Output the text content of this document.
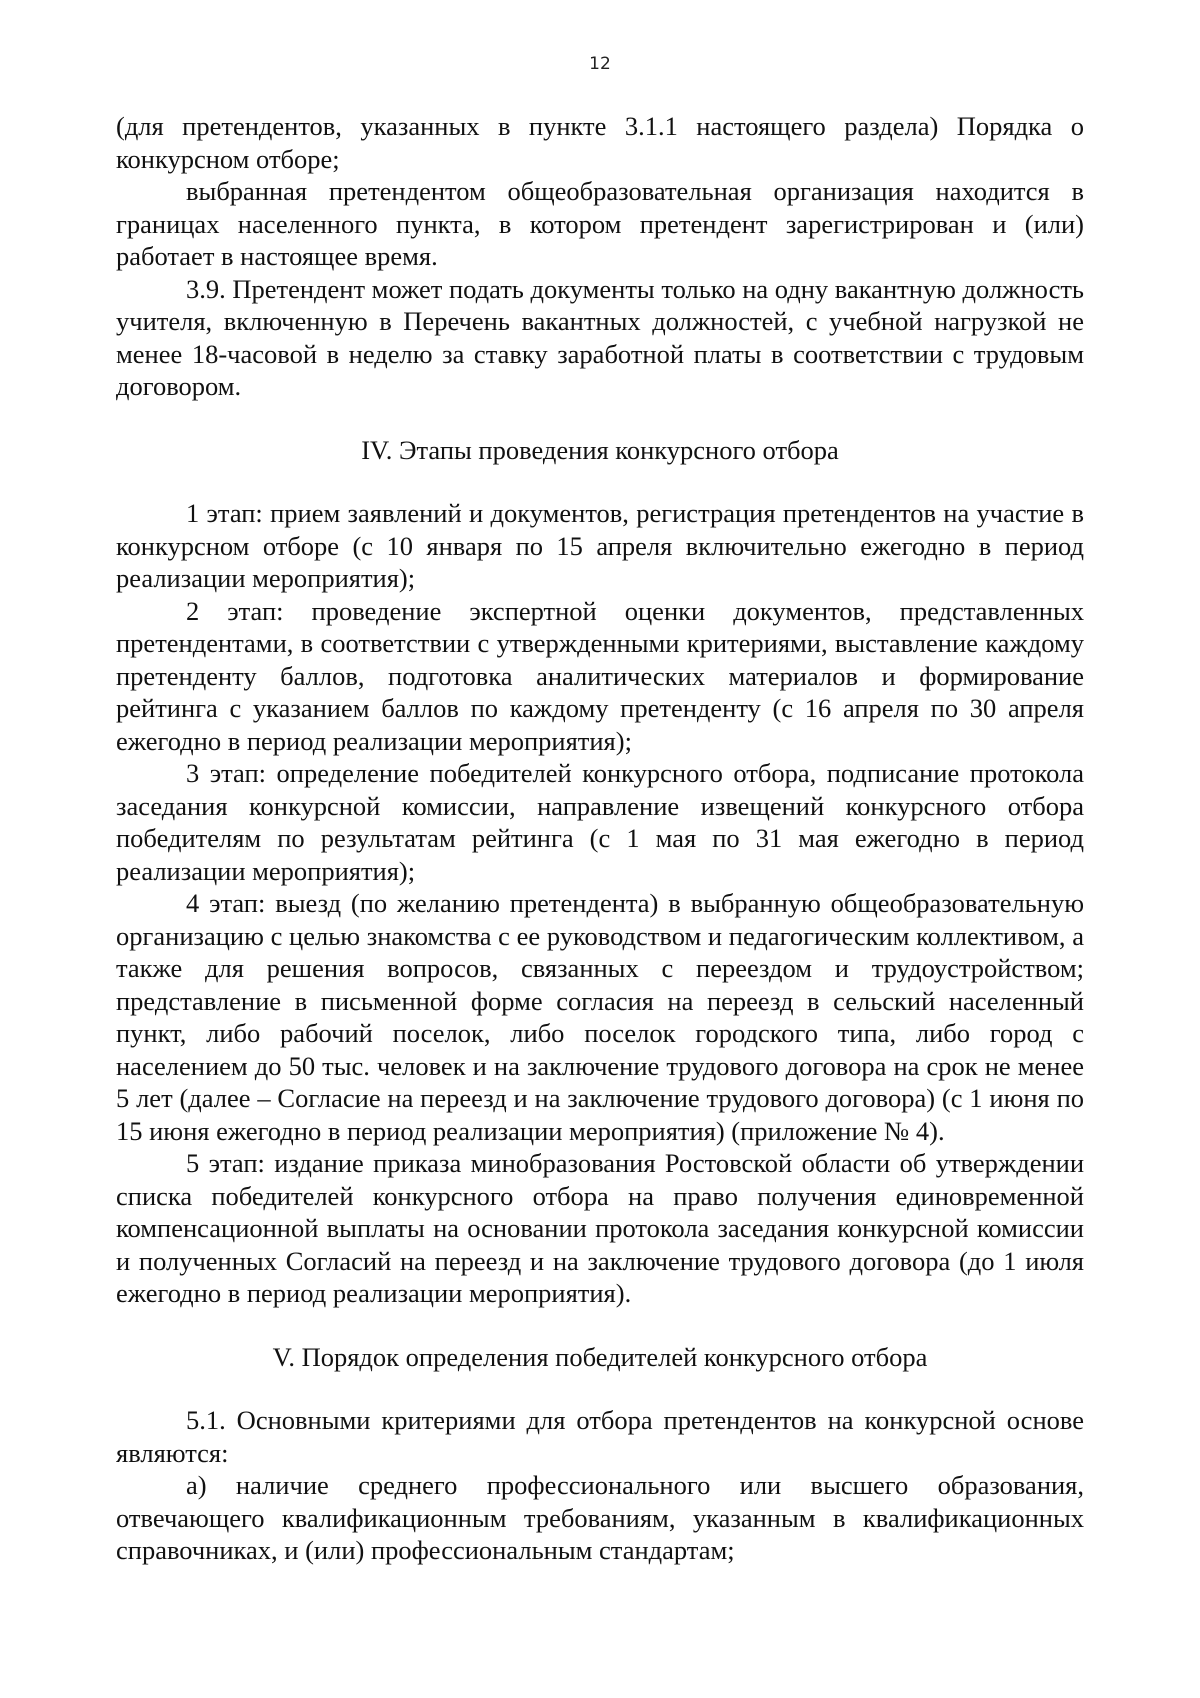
12

(для претендентов, указанных в пункте 3.1.1 настоящего раздела) Порядка о конкурсном отборе;

выбранная претендентом общеобразовательная организация находится в границах населенного пункта, в котором претендент зарегистрирован и (или) работает в настоящее время.

3.9. Претендент может подать документы только на одну вакантную должность учителя, включенную в Перечень вакантных должностей, с учебной нагрузкой не менее 18-часовой в неделю за ставку заработной платы в соответствии с трудовым договором.

IV. Этапы проведения конкурсного отбора

1 этап: прием заявлений и документов, регистрация претендентов на участие в конкурсном отборе (с 10 января по 15 апреля включительно ежегодно в период реализации мероприятия);

2 этап: проведение экспертной оценки документов, представленных претендентами, в соответствии с утвержденными критериями, выставление каждому претенденту баллов, подготовка аналитических материалов и формирование рейтинга с указанием баллов по каждому претенденту (с 16 апреля по 30 апреля ежегодно в период реализации мероприятия);

3 этап: определение победителей конкурсного отбора, подписание протокола заседания конкурсной комиссии, направление извещений конкурсного отбора победителям по результатам рейтинга (с 1 мая по 31 мая ежегодно в период реализации мероприятия);

4 этап: выезд (по желанию претендента) в выбранную общеобразовательную организацию с целью знакомства с ее руководством и педагогическим коллективом, а также для решения вопросов, связанных с переездом и трудоустройством; представление в письменной форме согласия на переезд в сельский населенный пункт, либо рабочий поселок, либо поселок городского типа, либо город с населением до 50 тыс. человек и на заключение трудового договора на срок не менее 5 лет (далее – Согласие на переезд и на заключение трудового договора) (с 1 июня по 15 июня ежегодно в период реализации мероприятия) (приложение № 4).

5 этап: издание приказа минобразования Ростовской области об утверждении списка победителей конкурсного отбора на право получения единовременной компенсационной выплаты на основании протокола заседания конкурсной комиссии и полученных Согласий на переезд и на заключение трудового договора (до 1 июля ежегодно в период реализации мероприятия).

V. Порядок определения победителей конкурсного отбора

5.1. Основными критериями для отбора претендентов на конкурсной основе являются:

а) наличие среднего профессионального или высшего образования, отвечающего квалификационным требованиям, указанным в квалификационных справочниках, и (или) профессиональным стандартам;
